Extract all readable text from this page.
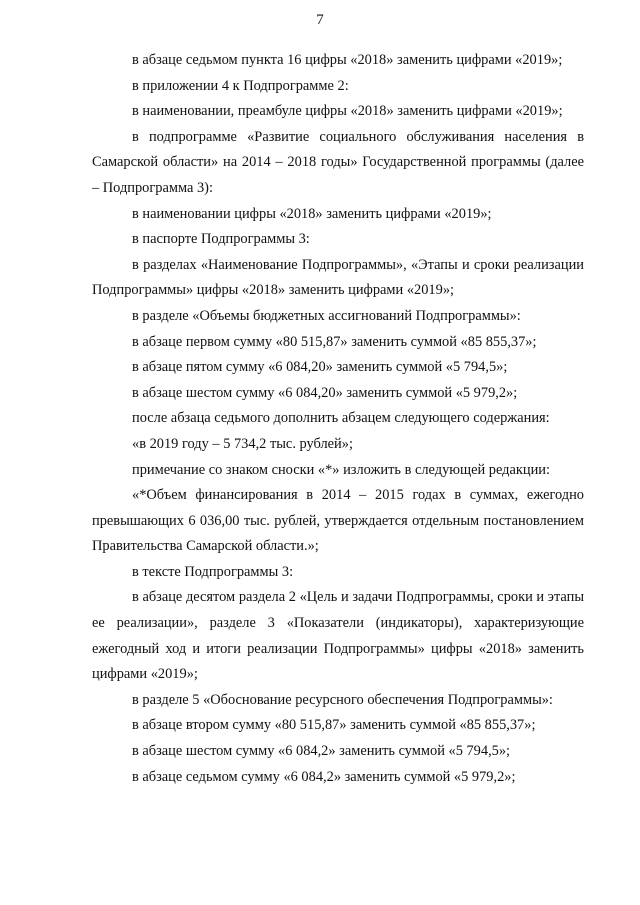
7

в абзаце седьмом пункта 16 цифры «2018» заменить цифрами «2019»;

в приложении 4 к Подпрограмме 2:

в наименовании, преамбуле цифры «2018» заменить цифрами «2019»;

в подпрограмме «Развитие социального обслуживания населения в Самарской области» на 2014 – 2018 годы» Государственной программы (далее – Подпрограмма 3):

в наименовании цифры «2018» заменить цифрами «2019»;

в паспорте Подпрограммы 3:

в разделах «Наименование Подпрограммы», «Этапы и сроки реализации Подпрограммы» цифры «2018» заменить цифрами «2019»;

в разделе «Объемы бюджетных ассигнований Подпрограммы»:

в абзаце первом сумму «80 515,87» заменить суммой «85 855,37»;

в абзаце пятом сумму «6 084,20» заменить суммой «5 794,5»;

в абзаце шестом сумму «6 084,20» заменить суммой «5 979,2»;

после абзаца седьмого дополнить абзацем следующего содержания:

«в 2019 году – 5 734,2 тыс. рублей»;

примечание со знаком сноски «*» изложить в следующей редакции:

«*Объем финансирования в 2014 – 2015 годах в суммах, ежегодно превышающих 6 036,00 тыс. рублей, утверждается отдельным постановлением Правительства Самарской области.»;

в тексте Подпрограммы 3:

в абзаце десятом раздела 2 «Цель и задачи Подпрограммы, сроки и этапы ее реализации», разделе 3 «Показатели (индикаторы), характеризующие ежегодный ход и итоги реализации Подпрограммы» цифры «2018» заменить цифрами «2019»;

в разделе 5 «Обоснование ресурсного обеспечения Подпрограммы»:

в абзаце втором сумму «80 515,87» заменить суммой «85 855,37»;

в абзаце шестом сумму «6 084,2» заменить суммой «5 794,5»;

в абзаце седьмом сумму «6 084,2» заменить суммой «5 979,2»;
